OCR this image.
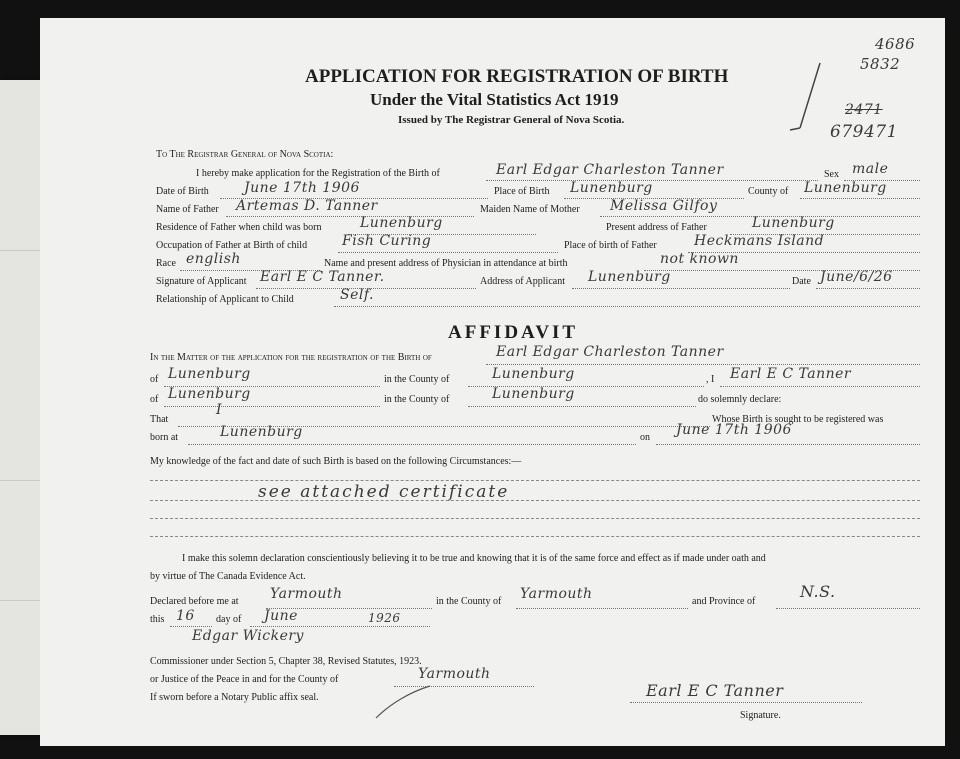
APPLICATION FOR REGISTRATION OF BIRTH
Under the Vital Statistics Act 1919
Issued by The Registrar General of Nova Scotia.
4686
5832
2471
679471
To The Registrar General of Nova Scotia:
I hereby make application for the Registration of the Birth of	Earl Edgar Charleston Tanner	Sex male
Date of Birth	June 17th 1906	Place of Birth Lunenburg	County of Lunenburg
Name of Father Artemas D. Tanner	Maiden Name of Mother Melissa Gilfoy
Residence of Father when child was born	Lunenburg	Present address of Father	Lunenburg
Occupation of Father at Birth of child Fish Curing	Place of birth of Father	Heckmans Island
Race english	Name and present address of Physician in attendance at birth	not known
Signature of Applicant Earl E C Tanner.	Address of Applicant Lunenburg	Date June/6/26
Relationship of Applicant to Child	Self.
AFFIDAVIT
In the Matter of the application for the registration of the Birth of	Earl Edgar Charleston Tanner
of Lunenburg	in the County of	Lunenburg	, I Earl E C Tanner
of Lunenburg	in the County of	Lunenburg	do solemnly declare:
That
I
Whose Birth is sought to be registered was
born at	Lunenburg	on June 17th 1906
My knowledge of the fact and date of such Birth is based on the following Circumstances:—
see attached certificate
I make this solemn declaration conscientiously believing it to be true and knowing that it is of the same force and effect as if made under oath and
by virtue of The Canada Evidence Act.
Declared before me at Yarmouth	in the County of Yarmouth	and Province of
N.S.
this 16 day of June	1926
Edgar Wickery
Commissioner under Section 5, Chapter 38, Revised Statutes, 1923.
or Justice of the Peace in and for the County of	Yarmouth
If sworn before a Notary Public affix seal.	Earl E C Tanner
Signature.
